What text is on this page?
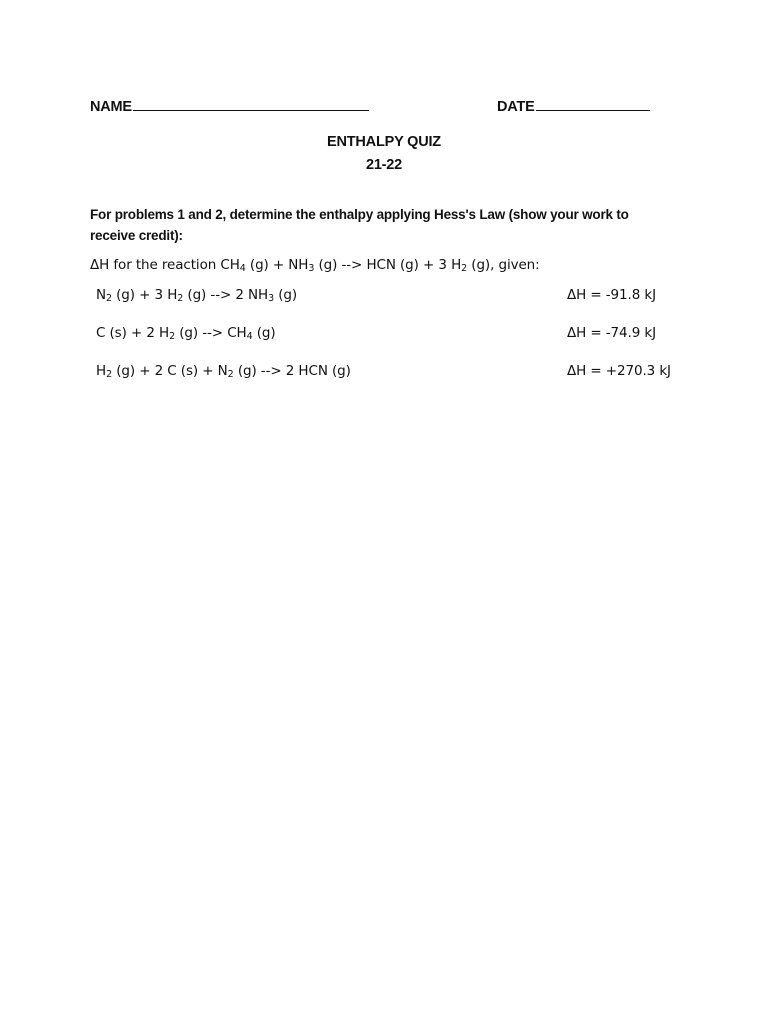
NAME	DATE
ENTHALPY QUIZ
21-22
For problems 1 and 2, determine the enthalpy applying Hess's Law (show your work to receive credit):
ΔH for the reaction $CH_4$ $(g) + NH_3$ (g) --> HCN (g) + 3 $H_2$ (g), given:
$N_2$ (g) + 3 $H_2$ (g) --> 2 $NH_3$ (g)	ΔH = -91.8 kJ
C (s) + 2 $H_2$ (g) --> $CH_4$ (g)	ΔH = -74.9 kJ
$H_2$ (g) + 2 C $(s) + N_2$ (g) --> 2 HCN (g)	ΔH = +270.3 kJ
